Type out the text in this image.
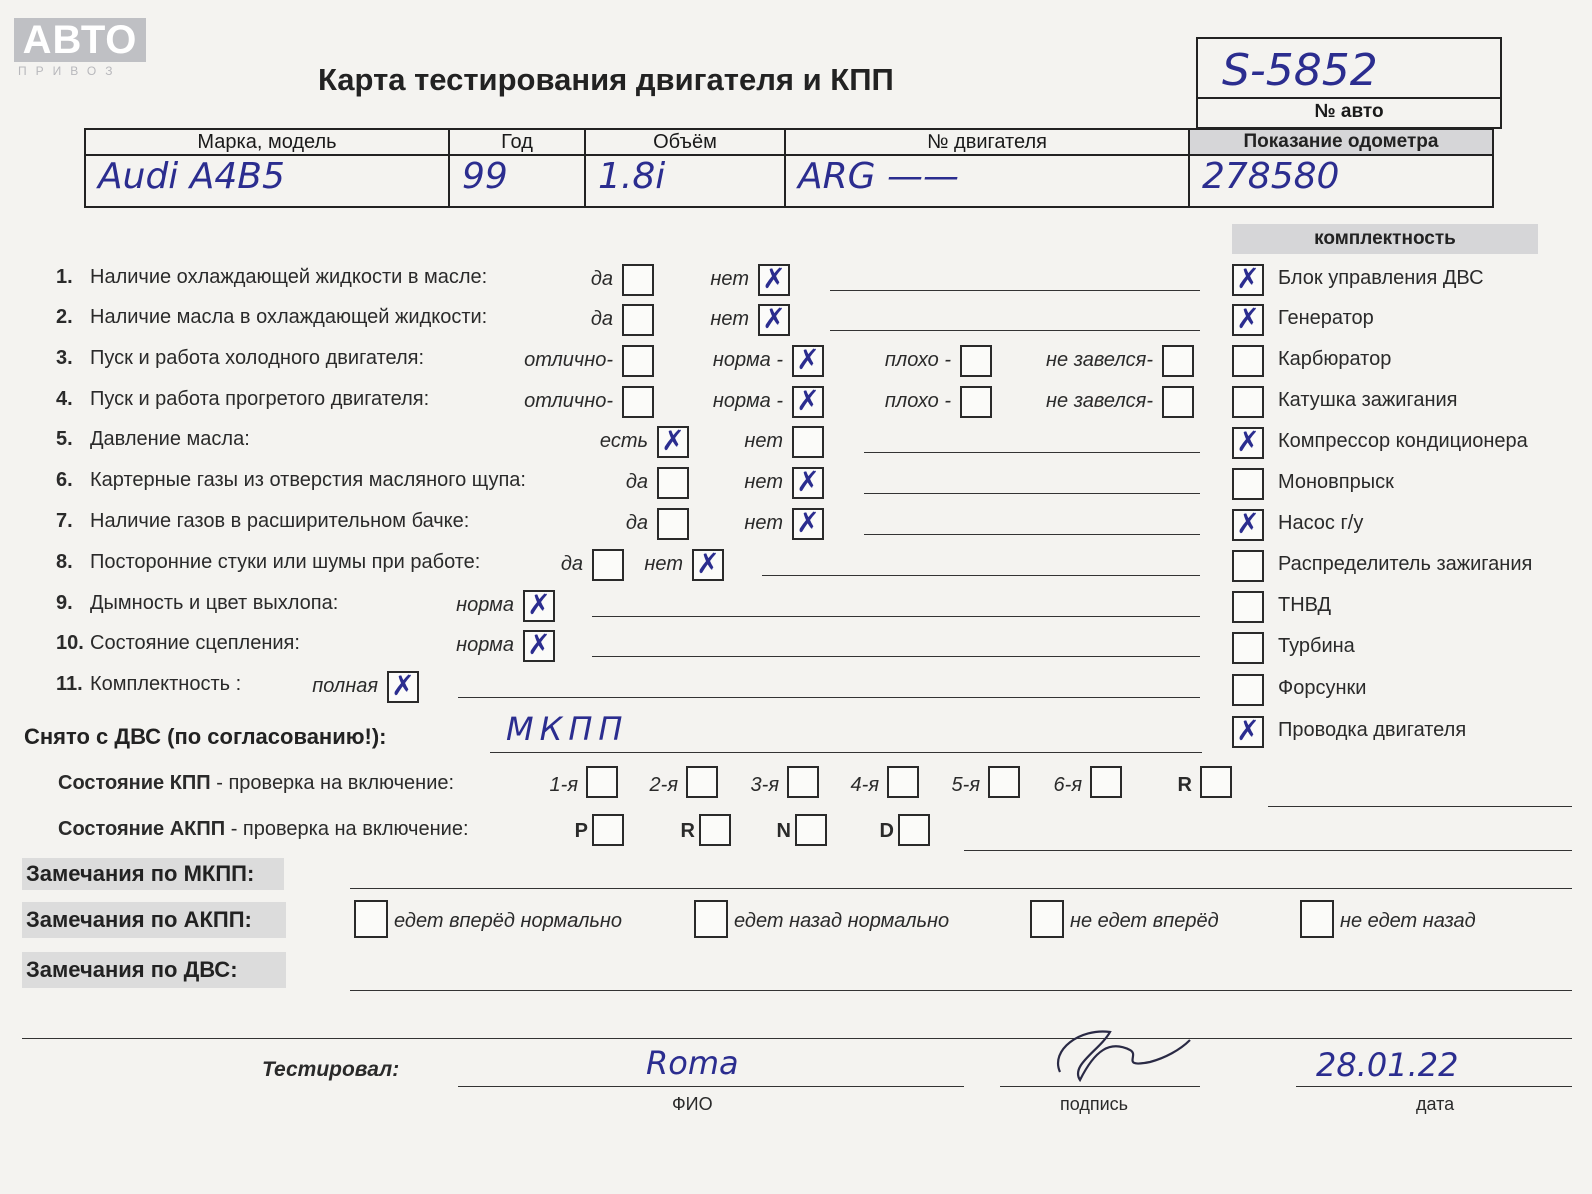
АВТО
ПРИВОЗ	Карта тестирования двигателя и КПП	S-5852
№ авто
Марка, модель	Год	Объём	№ двигателя	Показание одометра

Audi A4B5	99	1.8i	ARG ——	278580
комплектность
✗ Блок управления ДВС
✗ Генератор
Карбюратор
Катушка зажигания
✗ Компрессор кондиционера
Моновпрыск
✗ Насос г/у
Распределитель зажигания
ТНВД
Турбина
Форсунки
✗ Проводка двигателя
1. Наличие охлаждающей жидкости в масле:	да	нет ✗
2. Наличие масла в охлаждающей жидкости:	да	нет ✗
3. Пуск и работа холодного двигателя:	отлично-	норма - ✗	плохо -	не завелся-
4. Пуск и работа прогретого двигателя:	отлично-	норма - ✗	плохо -	не завелся-
5. Давление масла:	есть ✗	нет
6. Картерные газы из отверстия масляного щупа:	да	нет ✗
7. Наличие газов в расширительном бачке:	да	нет ✗
8. Посторонние стуки или шумы при работе:	да	нет ✗
9. Дымность и цвет выхлопа:	норма ✗
10. Состояние сцепления:	норма ✗
11. Комплектность :	полная ✗
Снято с ДВС (по согласованию!):	МКПП
Состояние КПП - проверка на включение:	1-я	2-я	3-я	4-я	5-я	6-я	R
Состояние АКПП - проверка на включение:	P	R	N	D
Замечания по МКПП:
Замечания по АКПП:	едет вперёд нормально	едет назад нормально	не едет вперёд	не едет назад
Замечания по ДВС:
Тестировал:	Roma
ФИО	подпись
28.01.22
дата
